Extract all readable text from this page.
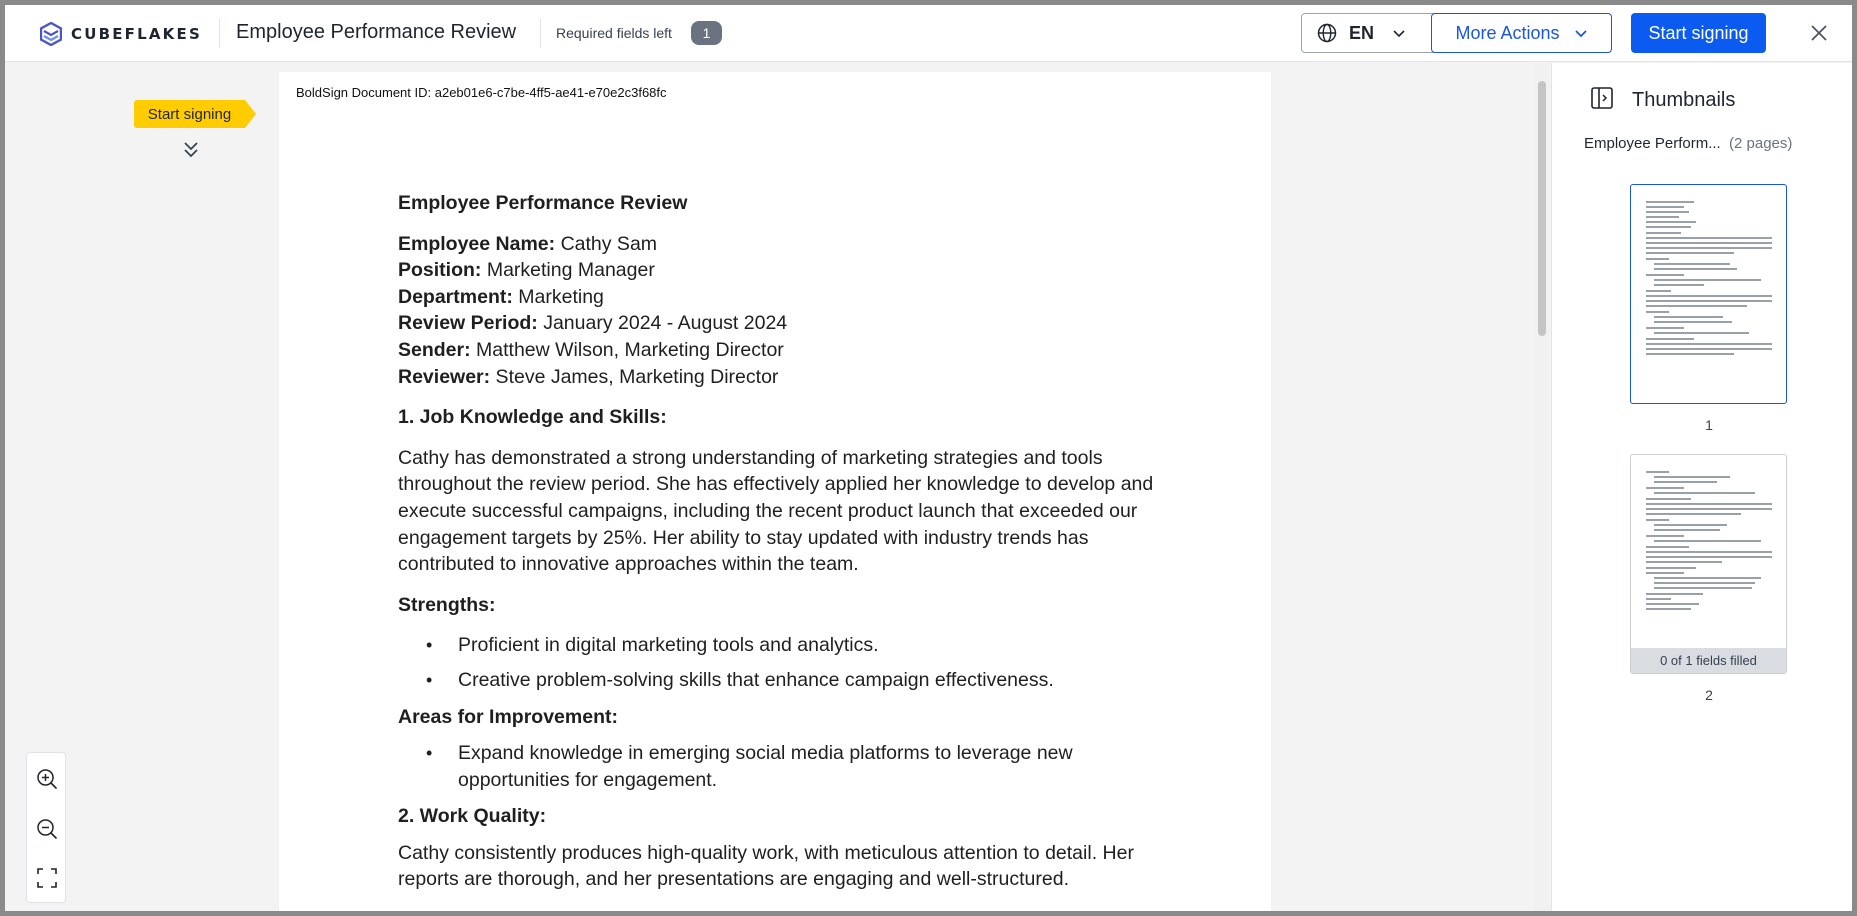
CUBEFLAKES Employee Performance Review	Required fields left	1	EN	More Actions	Start signing
Start signing
BoldSign Document ID: a2eb01e6-c7be-4ff5-ae41-e70e2c3f68fc
Employee Performance Review
Employee Name: Cathy Sam
Position: Marketing Manager
Department: Marketing
Review Period: January 2024 - August 2024
Sender: Matthew Wilson, Marketing Director
Reviewer: Steve James, Marketing Director
1. Job Knowledge and Skills:
Cathy has demonstrated a strong understanding of marketing strategies and tools throughout the review period. She has effectively applied her knowledge to develop and execute successful campaigns, including the recent product launch that exceeded our engagement targets by 25%. Her ability to stay updated with industry trends has contributed to innovative approaches within the team.
Strengths:
• Proficient in digital marketing tools and analytics.
• Creative problem-solving skills that enhance campaign effectiveness.
Areas for Improvement:
• Expand knowledge in emerging social media platforms to leverage new opportunities for engagement.
2. Work Quality:
Cathy consistently produces high-quality work, with meticulous attention to detail. Her reports are thorough, and her presentations are engaging and well-structured.
Thumbnails
Employee Perform... (2 pages)
1
0 of 1 fields filled
2
